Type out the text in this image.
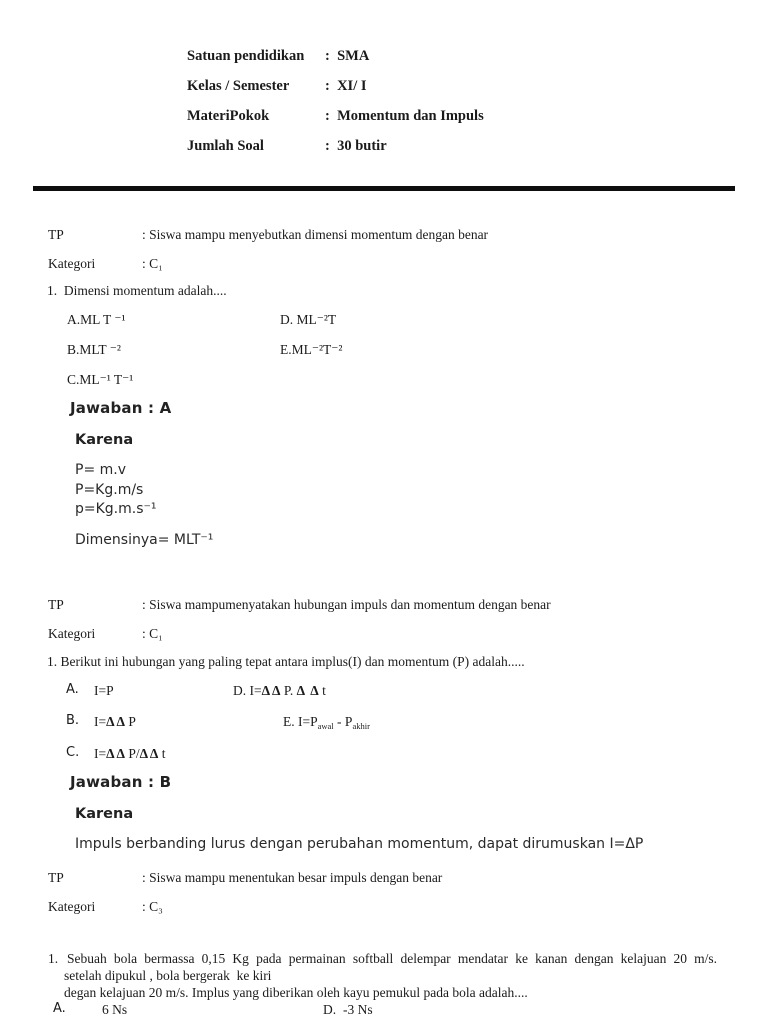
Satuan pendidikan :  SMA
Kelas / Semester :  XI/ I
MateriPokok	:  Momentum dan Impuls
Jumlah Soal	:  30 butir
TP	: Siswa mampu menyebutkan dimensi momentum dengan benar
Kategori	: C₁
1.  Dimensi momentum adalah....
A.ML T ⁻¹	D. ML⁻²T
B.MLT ⁻²	E.ML⁻²T⁻²
C.ML⁻¹ T⁻¹
Jawaban : A
Karena
P= m.v
P=Kg.m/s
p=Kg.m.s⁻¹
Dimensinya= MLT⁻¹
TP	: Siswa mampumenyatakan hubungan impuls dan momentum dengan benar
Kategori	: C₁
1. Berikut ini hubungan yang paling tepat antara implus(I) dan momentum (P) adalah.....
A. I=P	D. I=Δ Δ P. Δ  Δ t
B. I=Δ Δ P	E. $I=P_{awal} - P_{akhir}$
C. I=Δ Δ P/Δ Δ t
Jawaban : B
Karena
Impuls berbanding lurus dengan perubahan momentum, dapat dirumuskan I=ΔP
TP	: Siswa mampu menentukan besar impuls dengan benar
Kategori	: C₃
1. Sebuah bola bermassa 0,15 Kg pada permainan softball delempar mendatar ke kanan dengan kelajuan 20 m/s.
setelah dipukul , bola bergerak  ke kiri
degan kelajuan 20 m/s. Implus yang diberikan oleh kayu pemukul pada bola adalah....
A.	6 Ns	D. -3 Ns
